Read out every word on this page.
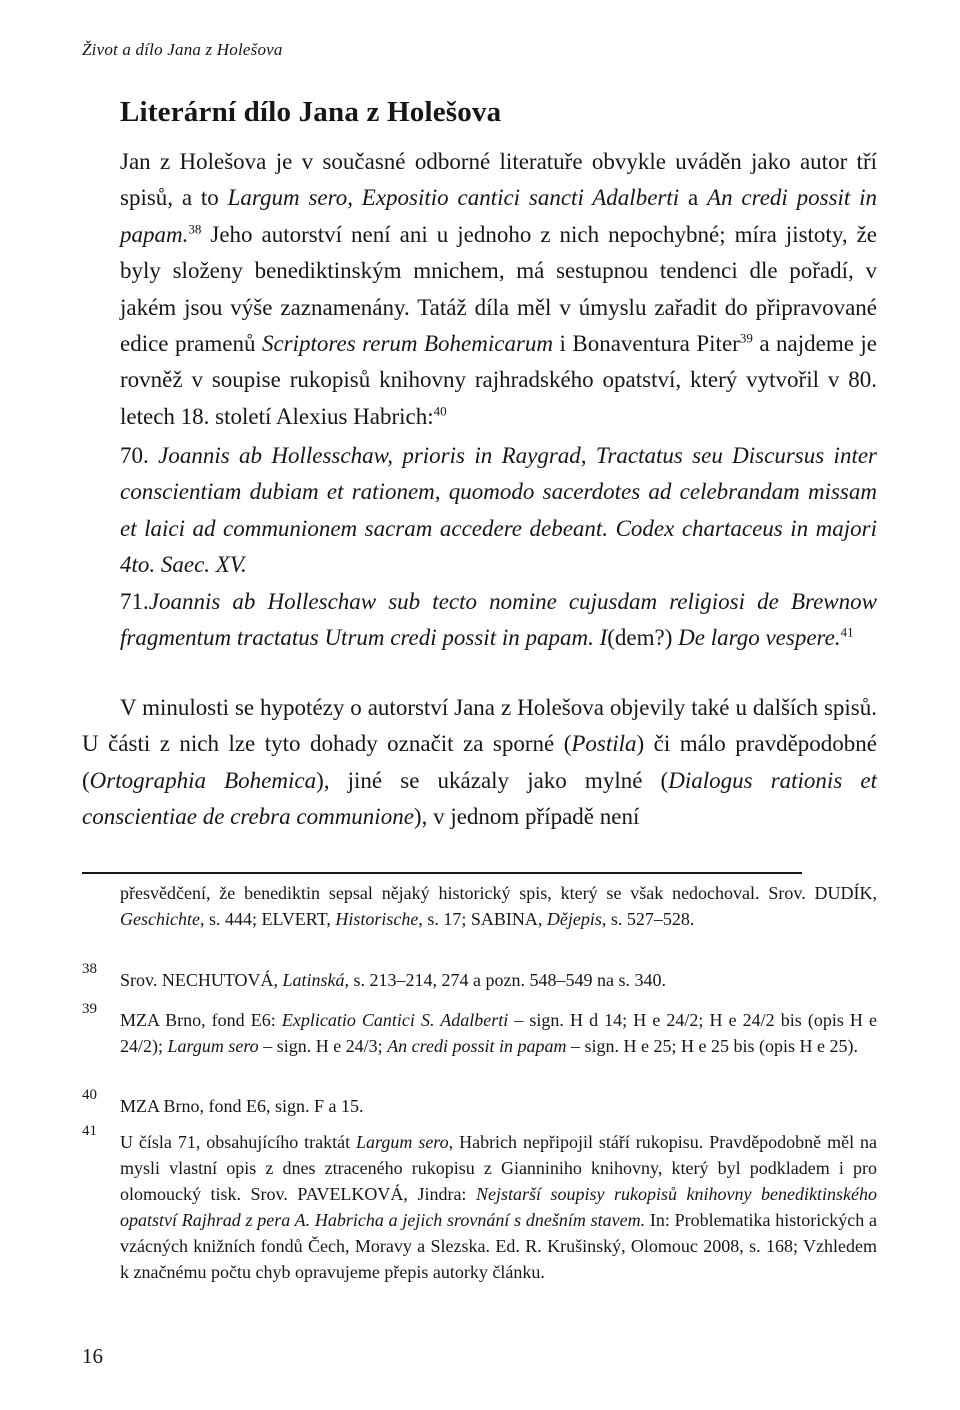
Život a dílo Jana z Holešova
Literární dílo Jana z Holešova

Jan z Holešova je v současné odborné literatuře obvykle uváděn jako autor tří spisů, a to Largum sero, Expositio cantici sancti Adalberti a An credi possit in papam.$^{38}$ Jeho autorství není ani u jednoho z nich nepochybné; míra jistoty, že byly složeny benediktinským mnichem, má sestupnou tendenci dle pořadí, v jakém jsou výše zaznamenány. Tatáž díla měl v úmyslu zařadit do připravované edice pramenů Scriptores rerum Bohemicarum i Bonaventura Piter$^{39}$ a najdeme je rovněž v soupise rukopisů knihovny rajhradského opatství, který vytvořil v 80. letech 18. století Alexius Habrich:$^{40}$

70. Joannis ab Hollesschaw, prioris in Raygrad, Tractatus seu Discursus inter conscientiam dubiam et rationem, quomodo sacerdotes ad celebrandam missam et laici ad communionem sacram accedere debeant. Codex chartaceus in majori 4to. Saec. XV.

71.Joannis ab Holleschaw sub tecto nomine cujusdam religiosi de Brewnow fragmentum tractatus Utrum credi possit in papam. I(dem?) De largo vespere.$^{41}$

V minulosti se hypotézy o autorství Jana z Holešova objevily také u dalších spisů. U části z nich lze tyto dohady označit za sporné (Postila) či málo pravděpodobné (Ortographia Bohemica), jiné se ukázaly jako mylné (Dialogus rationis et conscientiae de crebra communione), v jednom případě není

přesvědčení, že benediktin sepsal nějaký historický spis, který se však nedochoval. Srov. DUDÍK, Geschichte, s. 444; ELVERT, Historische, s. 17; SABINA, Dějepis, s. 527–528.

38

Srov. NECHUTOVÁ, Latinská, s. 213–214, 274 a pozn. 548–549 na s. 340.

39

MZA Brno, fond E6: Explicatio Cantici S. Adalberti – sign. H d 14; H e 24/2; H e 24/2 bis (opis H e 24/2); Largum sero – sign. H e 24/3; An credi possit in papam – sign. H e 25; H e 25 bis (opis H e 25).

40

MZA Brno, fond E6, sign. F a 15.

41

U čísla 71, obsahujícího traktát Largum sero, Habrich nepřipojil stáří rukopisu. Pravděpodobně měl na mysli vlastní opis z dnes ztraceného rukopisu z Gianniniho knihovny, který byl podkladem i pro olomoucký tisk. Srov. PAVELKOVÁ, Jindra: Nejstarší soupisy rukopisů knihovny benediktinského opatství Rajhrad z pera A. Habricha a jejich srovnání s dnešním stavem. In: Problematika historických a vzácných knižních fondů Čech, Moravy a Slezska. Ed. R. Krušinský, Olomouc 2008, s. 168; Vzhledem k značnému počtu chyb opravujeme přepis autorky článku.

16
